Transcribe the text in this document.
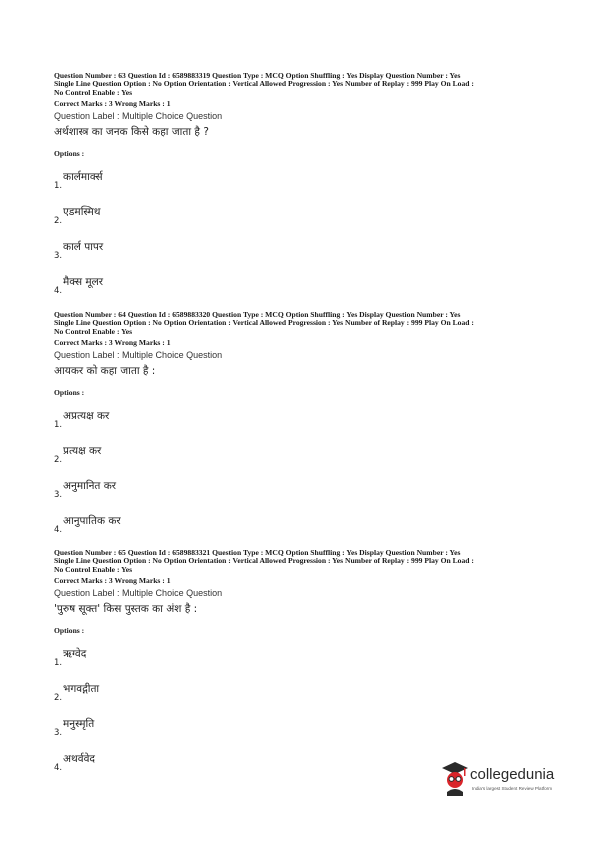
Question Number : 63 Question Id : 6589883319 Question Type : MCQ Option Shuffling : Yes Display Question Number : Yes

Single Line Question Option : No Option Orientation : Vertical Allowed Progression : Yes Number of Replay : 999 Play On Load :

No Control Enable : Yes

Correct Marks : 3 Wrong Marks : 1
Question Label : Multiple Choice Question
अर्थशास्त्र का जनक किसे कहा जाता है ?
Options :
1.
कार्लमार्क्स
2.
एडमस्मिथ
3.
कार्ल पापर
4.
मैक्स मूलर

Question Number : 64 Question Id : 6589883320 Question Type : MCQ Option Shuffling : Yes Display Question Number : Yes

Single Line Question Option : No Option Orientation : Vertical Allowed Progression : Yes Number of Replay : 999 Play On Load :

No Control Enable : Yes

Correct Marks : 3 Wrong Marks : 1
Question Label : Multiple Choice Question
आयकर को कहा जाता है :
Options :
1.
अप्रत्यक्ष कर
2.
प्रत्यक्ष कर
3.
अनुमानित कर
4.
आनुपातिक कर

Question Number : 65 Question Id : 6589883321 Question Type : MCQ Option Shuffling : Yes Display Question Number : Yes

Single Line Question Option : No Option Orientation : Vertical Allowed Progression : Yes Number of Replay : 999 Play On Load :

No Control Enable : Yes

Correct Marks : 3 Wrong Marks : 1
Question Label : Multiple Choice Question
'पुरुष सूक्त' किस पुस्तक का अंश है :
Options :
1.
ऋग्वेद
2.
भगवद्गीता
3.
मनुस्मृति
4.
अथर्ववेद
collegedunia
India's largest Student Review Platform
